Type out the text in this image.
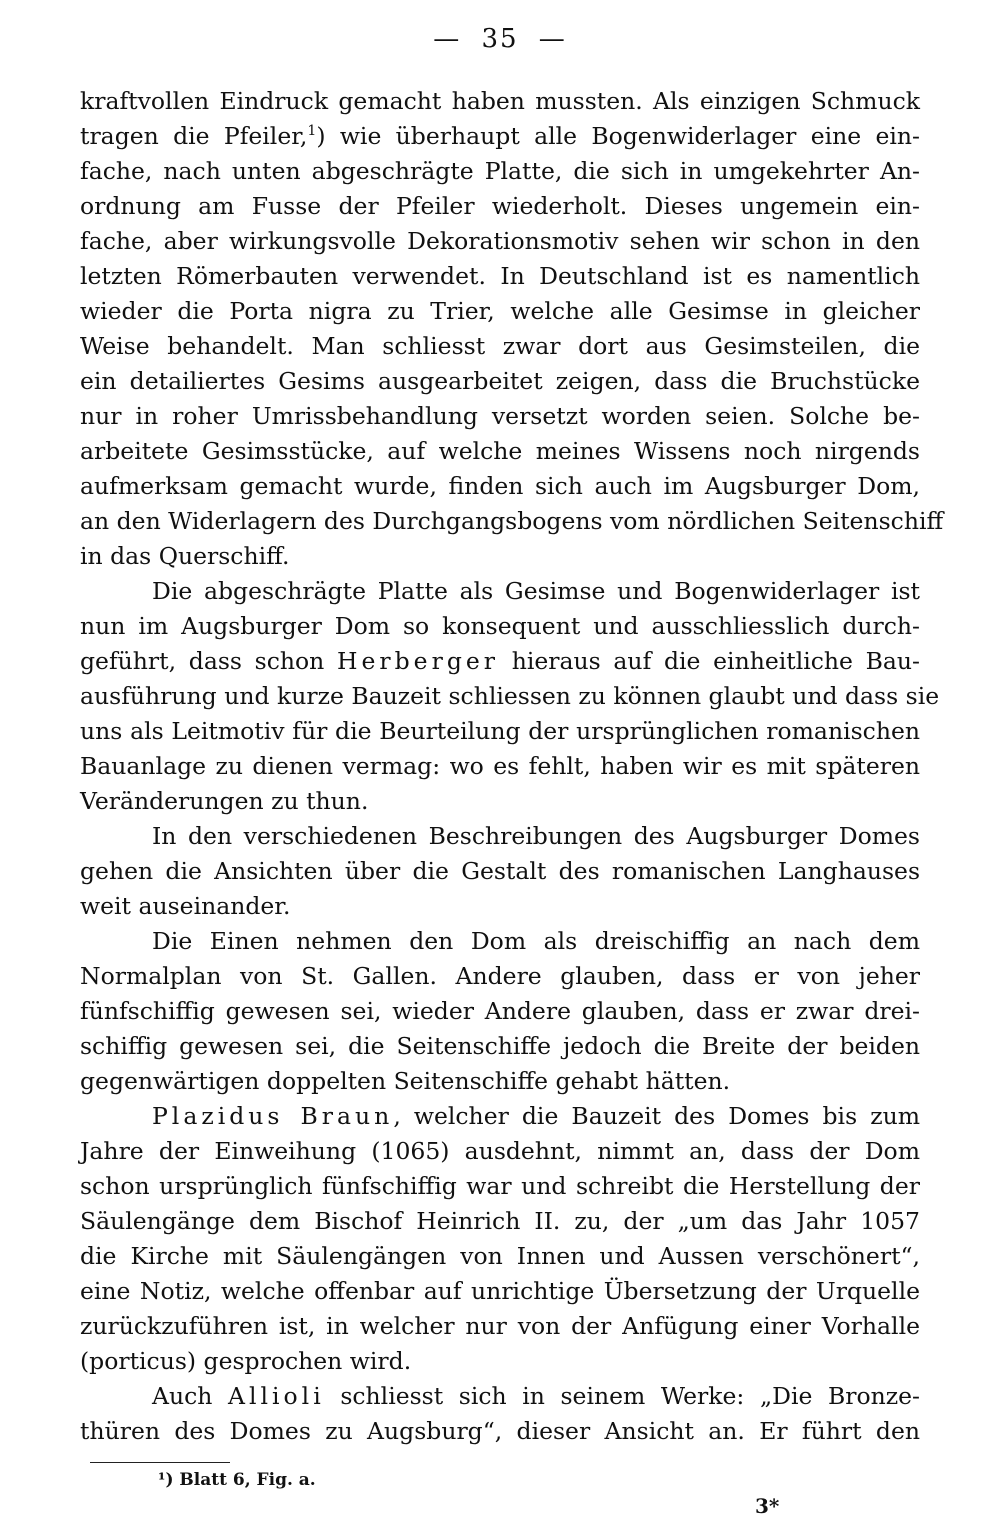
— 35 —
kraftvollen Eindruck gemacht haben mussten. Als einzigen Schmuck
tragen die Pfeiler,$^1$) wie überhaupt alle Bogenwiderlager eine ein-
fache, nach unten abgeschrägte Platte, die sich in umgekehrter An-
ordnung am Fusse der Pfeiler wiederholt. Dieses ungemein ein-
fache, aber wirkungsvolle Dekorationsmotiv sehen wir schon in den
letzten Römerbauten verwendet. In Deutschland ist es namentlich
wieder die Porta nigra zu Trier, welche alle Gesimse in gleicher
Weise behandelt. Man schliesst zwar dort aus Gesimsteilen, die
ein detailiertes Gesims ausgearbeitet zeigen, dass die Bruchstücke
nur in roher Umrissbehandlung versetzt worden seien. Solche be-
arbeitete Gesimsstücke, auf welche meines Wissens noch nirgends
aufmerksam gemacht wurde, finden sich auch im Augsburger Dom,
an den Widerlagern des Durchgangsbogens vom nördlichen Seitenschiff
in das Querschiff.
Die abgeschrägte Platte als Gesimse und Bogenwiderlager ist
nun im Augsburger Dom so konsequent und ausschliesslich durch-
geführt, dass schon Herberger hieraus auf die einheitliche Bau-
ausführung und kurze Bauzeit schliessen zu können glaubt und dass sie
uns als Leitmotiv für die Beurteilung der ursprünglichen romanischen
Bauanlage zu dienen vermag: wo es fehlt, haben wir es mit späteren
Veränderungen zu thun.
In den verschiedenen Beschreibungen des Augsburger Domes
gehen die Ansichten über die Gestalt des romanischen Langhauses
weit auseinander.
Die Einen nehmen den Dom als dreischiffig an nach dem
Normalplan von St. Gallen. Andere glauben, dass er von jeher
fünfschiffig gewesen sei, wieder Andere glauben, dass er zwar drei-
schiffig gewesen sei, die Seitenschiffe jedoch die Breite der beiden
gegenwärtigen doppelten Seitenschiffe gehabt hätten.
Plazidus Braun, welcher die Bauzeit des Domes bis zum
Jahre der Einweihung (1065) ausdehnt, nimmt an, dass der Dom
schon ursprünglich fünfschiffig war und schreibt die Herstellung der
Säulengänge dem Bischof Heinrich II. zu, der „um das Jahr 1057
die Kirche mit Säulengängen von Innen und Aussen verschönert“,
eine Notiz, welche offenbar auf unrichtige Übersetzung der Urquelle
zurückzuführen ist, in welcher nur von der Anfügung einer Vorhalle
(porticus) gesprochen wird.
Auch Allioli schliesst sich in seinem Werke: „Die Bronze-
thüren des Domes zu Augsburg“, dieser Ansicht an. Er führt den
¹) Blatt 6, Fig. a.
3*
